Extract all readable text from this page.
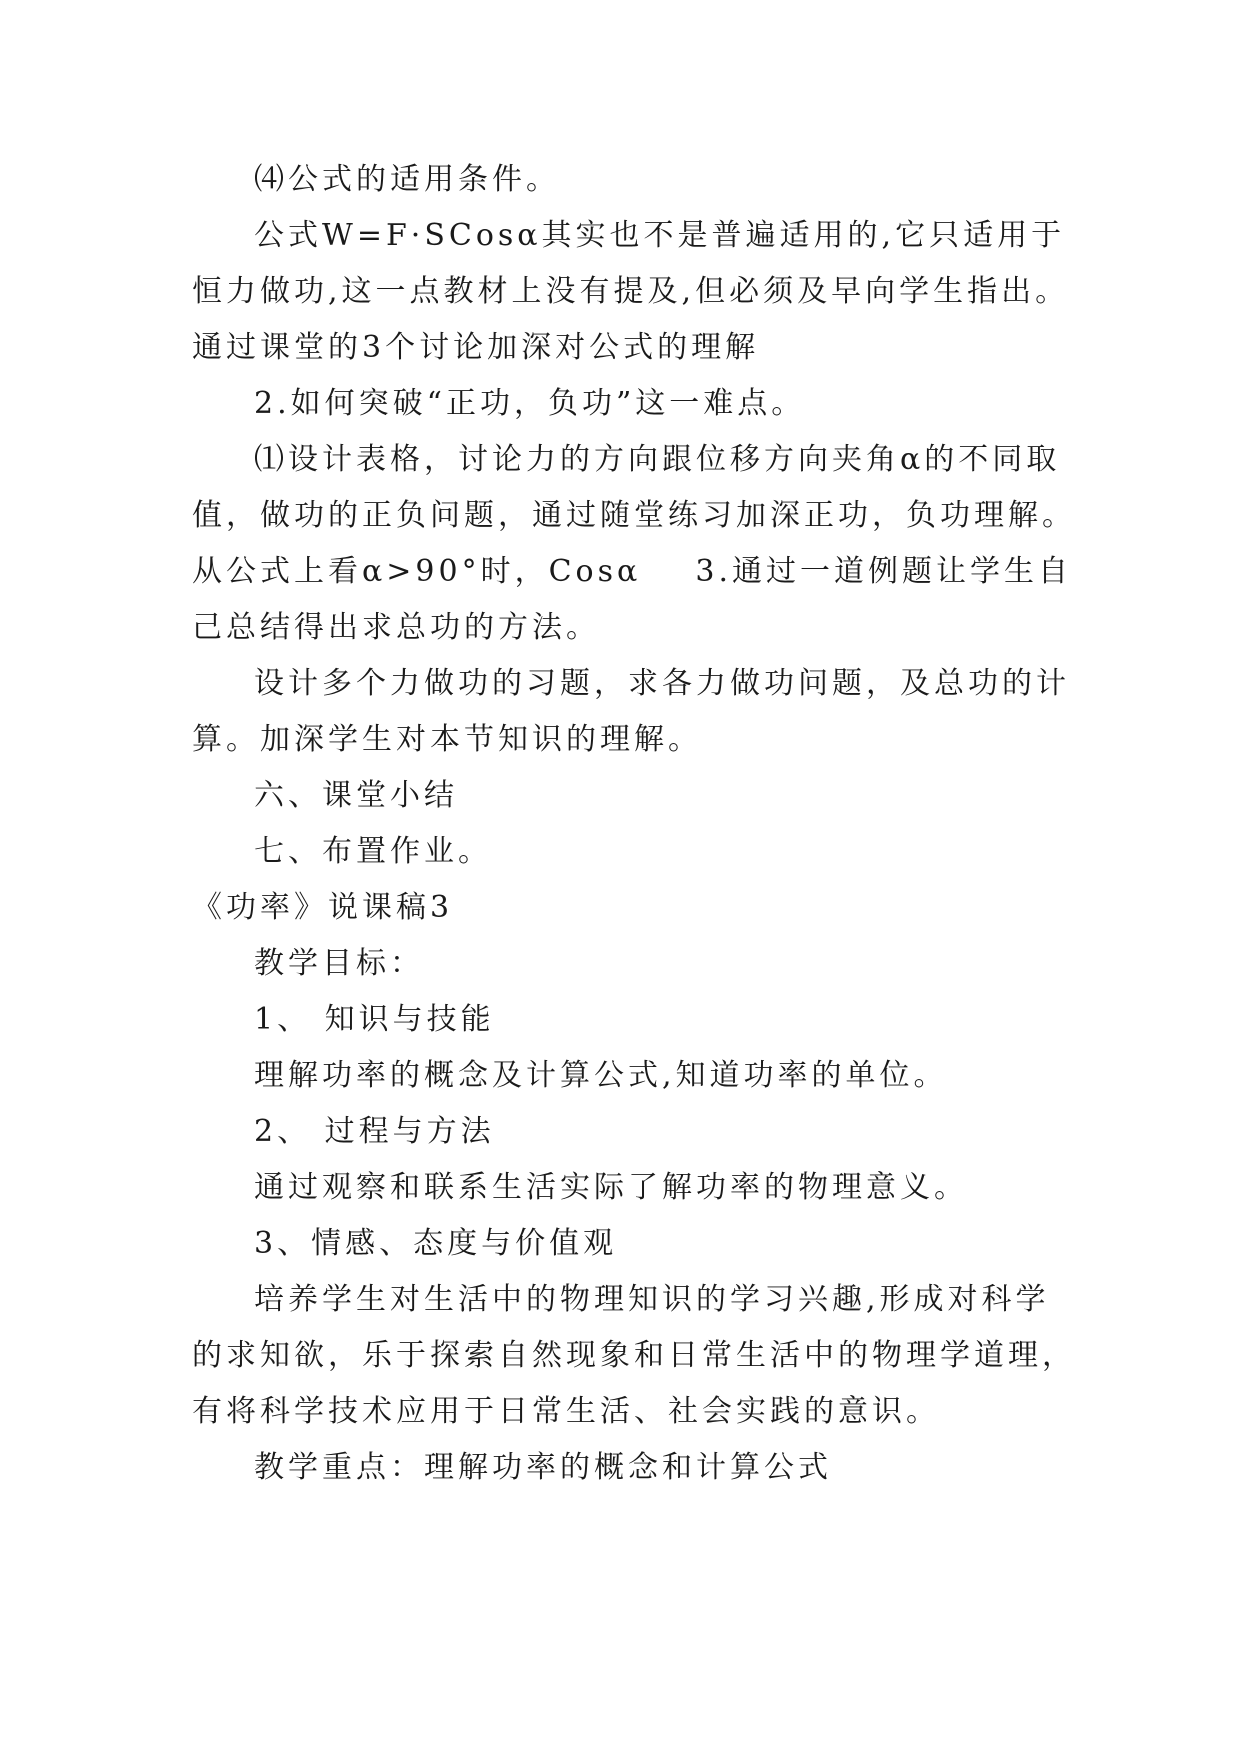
⑷公式的适用条件。
公式W=F·SCosα其实也不是普遍适用的,它只适用于
恒力做功,这一点教材上没有提及,但必须及早向学生指出。
通过课堂的3个讨论加深对公式的理解
2.如何突破“正功，负功”这一难点。
⑴设计表格，讨论力的方向跟位移方向夹角α的不同取
值，做功的正负问题，通过随堂练习加深正功，负功理解。
从公式上看α>90°时，Cosα    3.通过一道例题让学生自
己总结得出求总功的方法。
设计多个力做功的习题，求各力做功问题，及总功的计
算。加深学生对本节知识的理解。
六、课堂小结
七、布置作业。
《功率》说课稿3
教学目标：
1、 知识与技能
理解功率的概念及计算公式,知道功率的单位。
2、 过程与方法
通过观察和联系生活实际了解功率的物理意义。
3、情感、态度与价值观
培养学生对生活中的物理知识的学习兴趣,形成对科学
的求知欲，乐于探索自然现象和日常生活中的物理学道理，
有将科学技术应用于日常生活、社会实践的意识。
教学重点：理解功率的概念和计算公式
